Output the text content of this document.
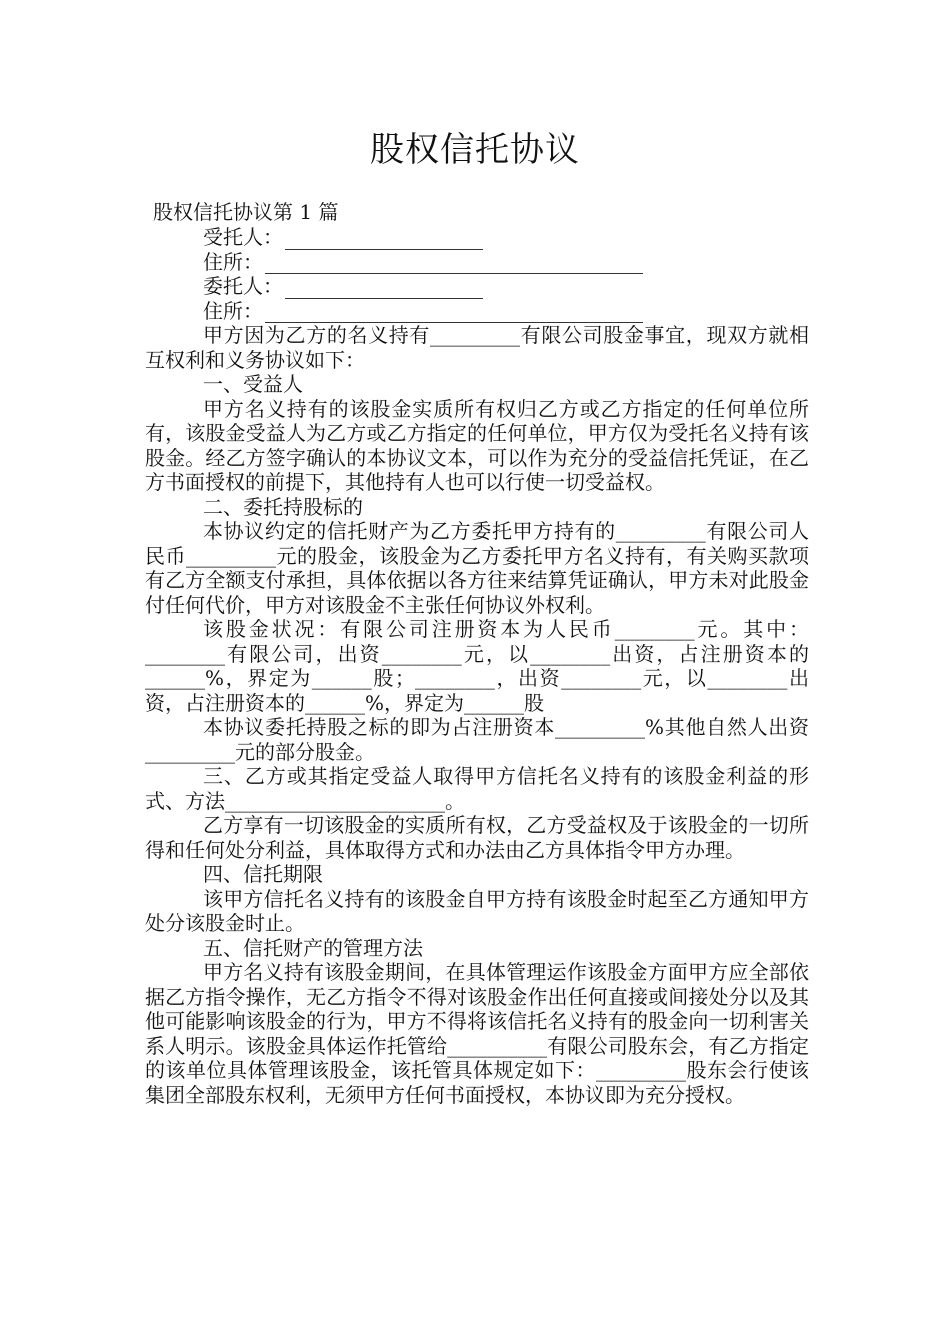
股权信托协议
股权信托协议第 1 篇
受托人：
住所：
委托人：
住所：

甲方因为乙方的名义持有_________有限公司股金事宜，现双方就相互权利和义务协议如下：

一、受益人

甲方名义持有的该股金实质所有权归乙方或乙方指定的任何单位所有，该股金受益人为乙方或乙方指定的任何单位，甲方仅为受托名义持有该股金。经乙方签字确认的本协议文本，可以作为充分的受益信托凭证，在乙方书面授权的前提下，其他持有人也可以行使一切受益权。

二、委托持股标的

本协议约定的信托财产为乙方委托甲方持有的_________有限公司人民币_________元的股金，该股金为乙方委托甲方名义持有，有关购买款项有乙方全额支付承担，具体依据以各方往来结算凭证确认，甲方未对此股金付任何代价，甲方对该股金不主张任何协议外权利。

该股金状况：有限公司注册资本为人民币________元。其中：________有限公司，出资________元，以________出资，占注册资本的______%，界定为______股；________，出资________元，以________出资，占注册资本的______%，界定为______股

本协议委托持股之标的即为占注册资本_________%其他自然人出资_________元的部分股金。

三、乙方或其指定受益人取得甲方信托名义持有的该股金利益的形式、方法______________________。

乙方享有一切该股金的实质所有权，乙方受益权及于该股金的一切所得和任何处分利益，具体取得方式和办法由乙方具体指令甲方办理。

四、信托期限

该甲方信托名义持有的该股金自甲方持有该股金时起至乙方通知甲方处分该股金时止。

五、信托财产的管理方法

甲方名义持有该股金期间，在具体管理运作该股金方面甲方应全部依据乙方指令操作，无乙方指令不得对该股金作出任何直接或间接处分以及其他可能影响该股金的行为，甲方不得将该信托名义持有的股金向一切利害关系人明示。该股金具体运作托管给__________有限公司股东会，有乙方指定的该单位具体管理该股金，该托管具体规定如下：_________股东会行使该集团全部股东权利，无须甲方任何书面授权，本协议即为充分授权。
